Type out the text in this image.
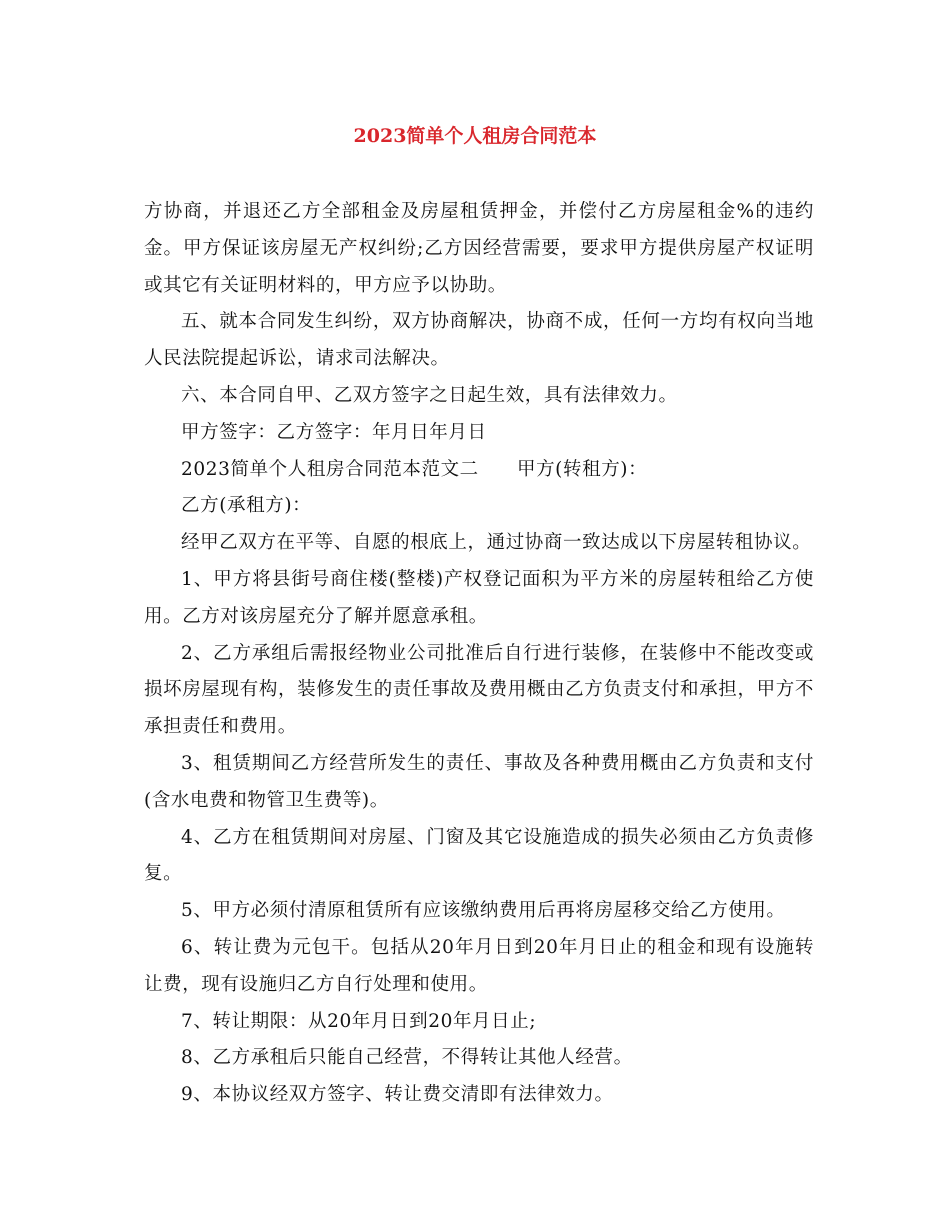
2023简单个人租房合同范本

方协商，并退还乙方全部租金及房屋租赁押金，并偿付乙方房屋租金%的违约金。甲方保证该房屋无产权纠纷;乙方因经营需要，要求甲方提供房屋产权证明或其它有关证明材料的，甲方应予以协助。

五、就本合同发生纠纷，双方协商解决，协商不成，任何一方均有权向当地人民法院提起诉讼，请求司法解决。

六、本合同自甲、乙双方签字之日起生效，具有法律效力。

甲方签字：乙方签字：年月日年月日

2023简单个人租房合同范本范文二　　甲方(转租方)：

乙方(承租方)：

经甲乙双方在平等、自愿的根底上，通过协商一致达成以下房屋转租协议。

1、甲方将县街号商住楼(整楼)产权登记面积为平方米的房屋转租给乙方使用。乙方对该房屋充分了解并愿意承租。

2、乙方承组后需报经物业公司批准后自行进行装修，在装修中不能改变或损坏房屋现有构，装修发生的责任事故及费用概由乙方负责支付和承担，甲方不承担责任和费用。

3、租赁期间乙方经营所发生的责任、事故及各种费用概由乙方负责和支付(含水电费和物管卫生费等)。

4、乙方在租赁期间对房屋、门窗及其它设施造成的损失必须由乙方负责修复。

5、甲方必须付清原租赁所有应该缴纳费用后再将房屋移交给乙方使用。

6、转让费为元包干。包括从20年月日到20年月日止的租金和现有设施转让费，现有设施归乙方自行处理和使用。

7、转让期限：从20年月日到20年月日止;

8、乙方承租后只能自己经营，不得转让其他人经营。

9、本协议经双方签字、转让费交清即有法律效力。
